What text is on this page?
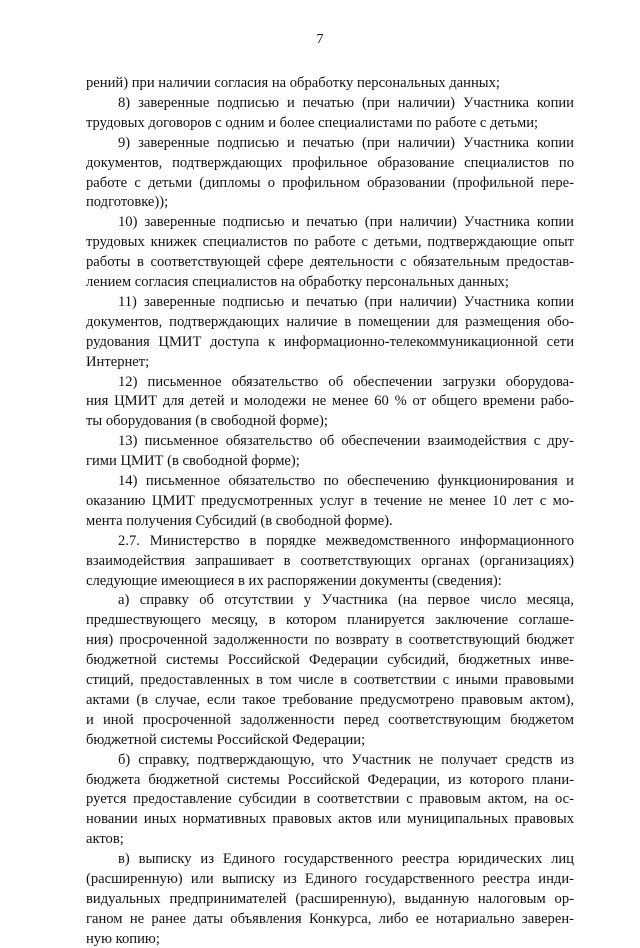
7
рений) при наличии согласия на обработку персональных данных;
8) заверенные подписью и печатью (при наличии) Участника копии
трудовых договоров с одним и более специалистами по работе с детьми;
9) заверенные подписью и печатью (при наличии) Участника копии
документов, подтверждающих профильное образование специалистов по
работе с детьми (дипломы о профильном образовании (профильной пере-
подготовке));
10) заверенные подписью и печатью (при наличии) Участника копии
трудовых книжек специалистов по работе с детьми, подтверждающие опыт
работы в соответствующей сфере деятельности с обязательным предостав-
лением согласия специалистов на обработку персональных данных;
11) заверенные подписью и печатью (при наличии) Участника копии
документов, подтверждающих наличие в помещении для размещения обо-
рудования ЦМИТ доступа к информационно-телекоммуникационной сети
Интернет;
12) письменное обязательство об обеспечении загрузки оборудова-
ния ЦМИТ для детей и молодежи не менее 60 % от общего времени рабо-
ты оборудования (в свободной форме);
13) письменное обязательство об обеспечении взаимодействия с дру-
гими ЦМИТ (в свободной форме);
14) письменное обязательство по обеспечению функционирования и
оказанию ЦМИТ предусмотренных услуг в течение не менее 10 лет с мо-
мента получения Субсидий (в свободной форме).
2.7. Министерство в порядке межведомственного информационного
взаимодействия запрашивает в соответствующих органах (организациях)
следующие имеющиеся в их распоряжении документы (сведения):
а) справку об отсутствии у Участника (на первое число месяца,
предшествующего месяцу, в котором планируется заключение соглаше-
ния) просроченной задолженности по возврату в соответствующий бюджет
бюджетной системы Российской Федерации субсидий, бюджетных инве-
стиций, предоставленных в том числе в соответствии с иными правовыми
актами (в случае, если такое требование предусмотрено правовым актом),
и иной просроченной задолженности перед соответствующим бюджетом
бюджетной системы Российской Федерации;
б) справку, подтверждающую, что Участник не получает средств из
бюджета бюджетной системы Российской Федерации, из которого плани-
руется предоставление субсидии в соответствии с правовым актом, на ос-
новании иных нормативных правовых актов или муниципальных правовых
актов;
в) выписку из Единого государственного реестра юридических лиц
(расширенную) или выписку из Единого государственного реестра инди-
видуальных предпринимателей (расширенную), выданную налоговым ор-
ганом не ранее даты объявления Конкурса, либо ее нотариально заверен-
ную копию;
